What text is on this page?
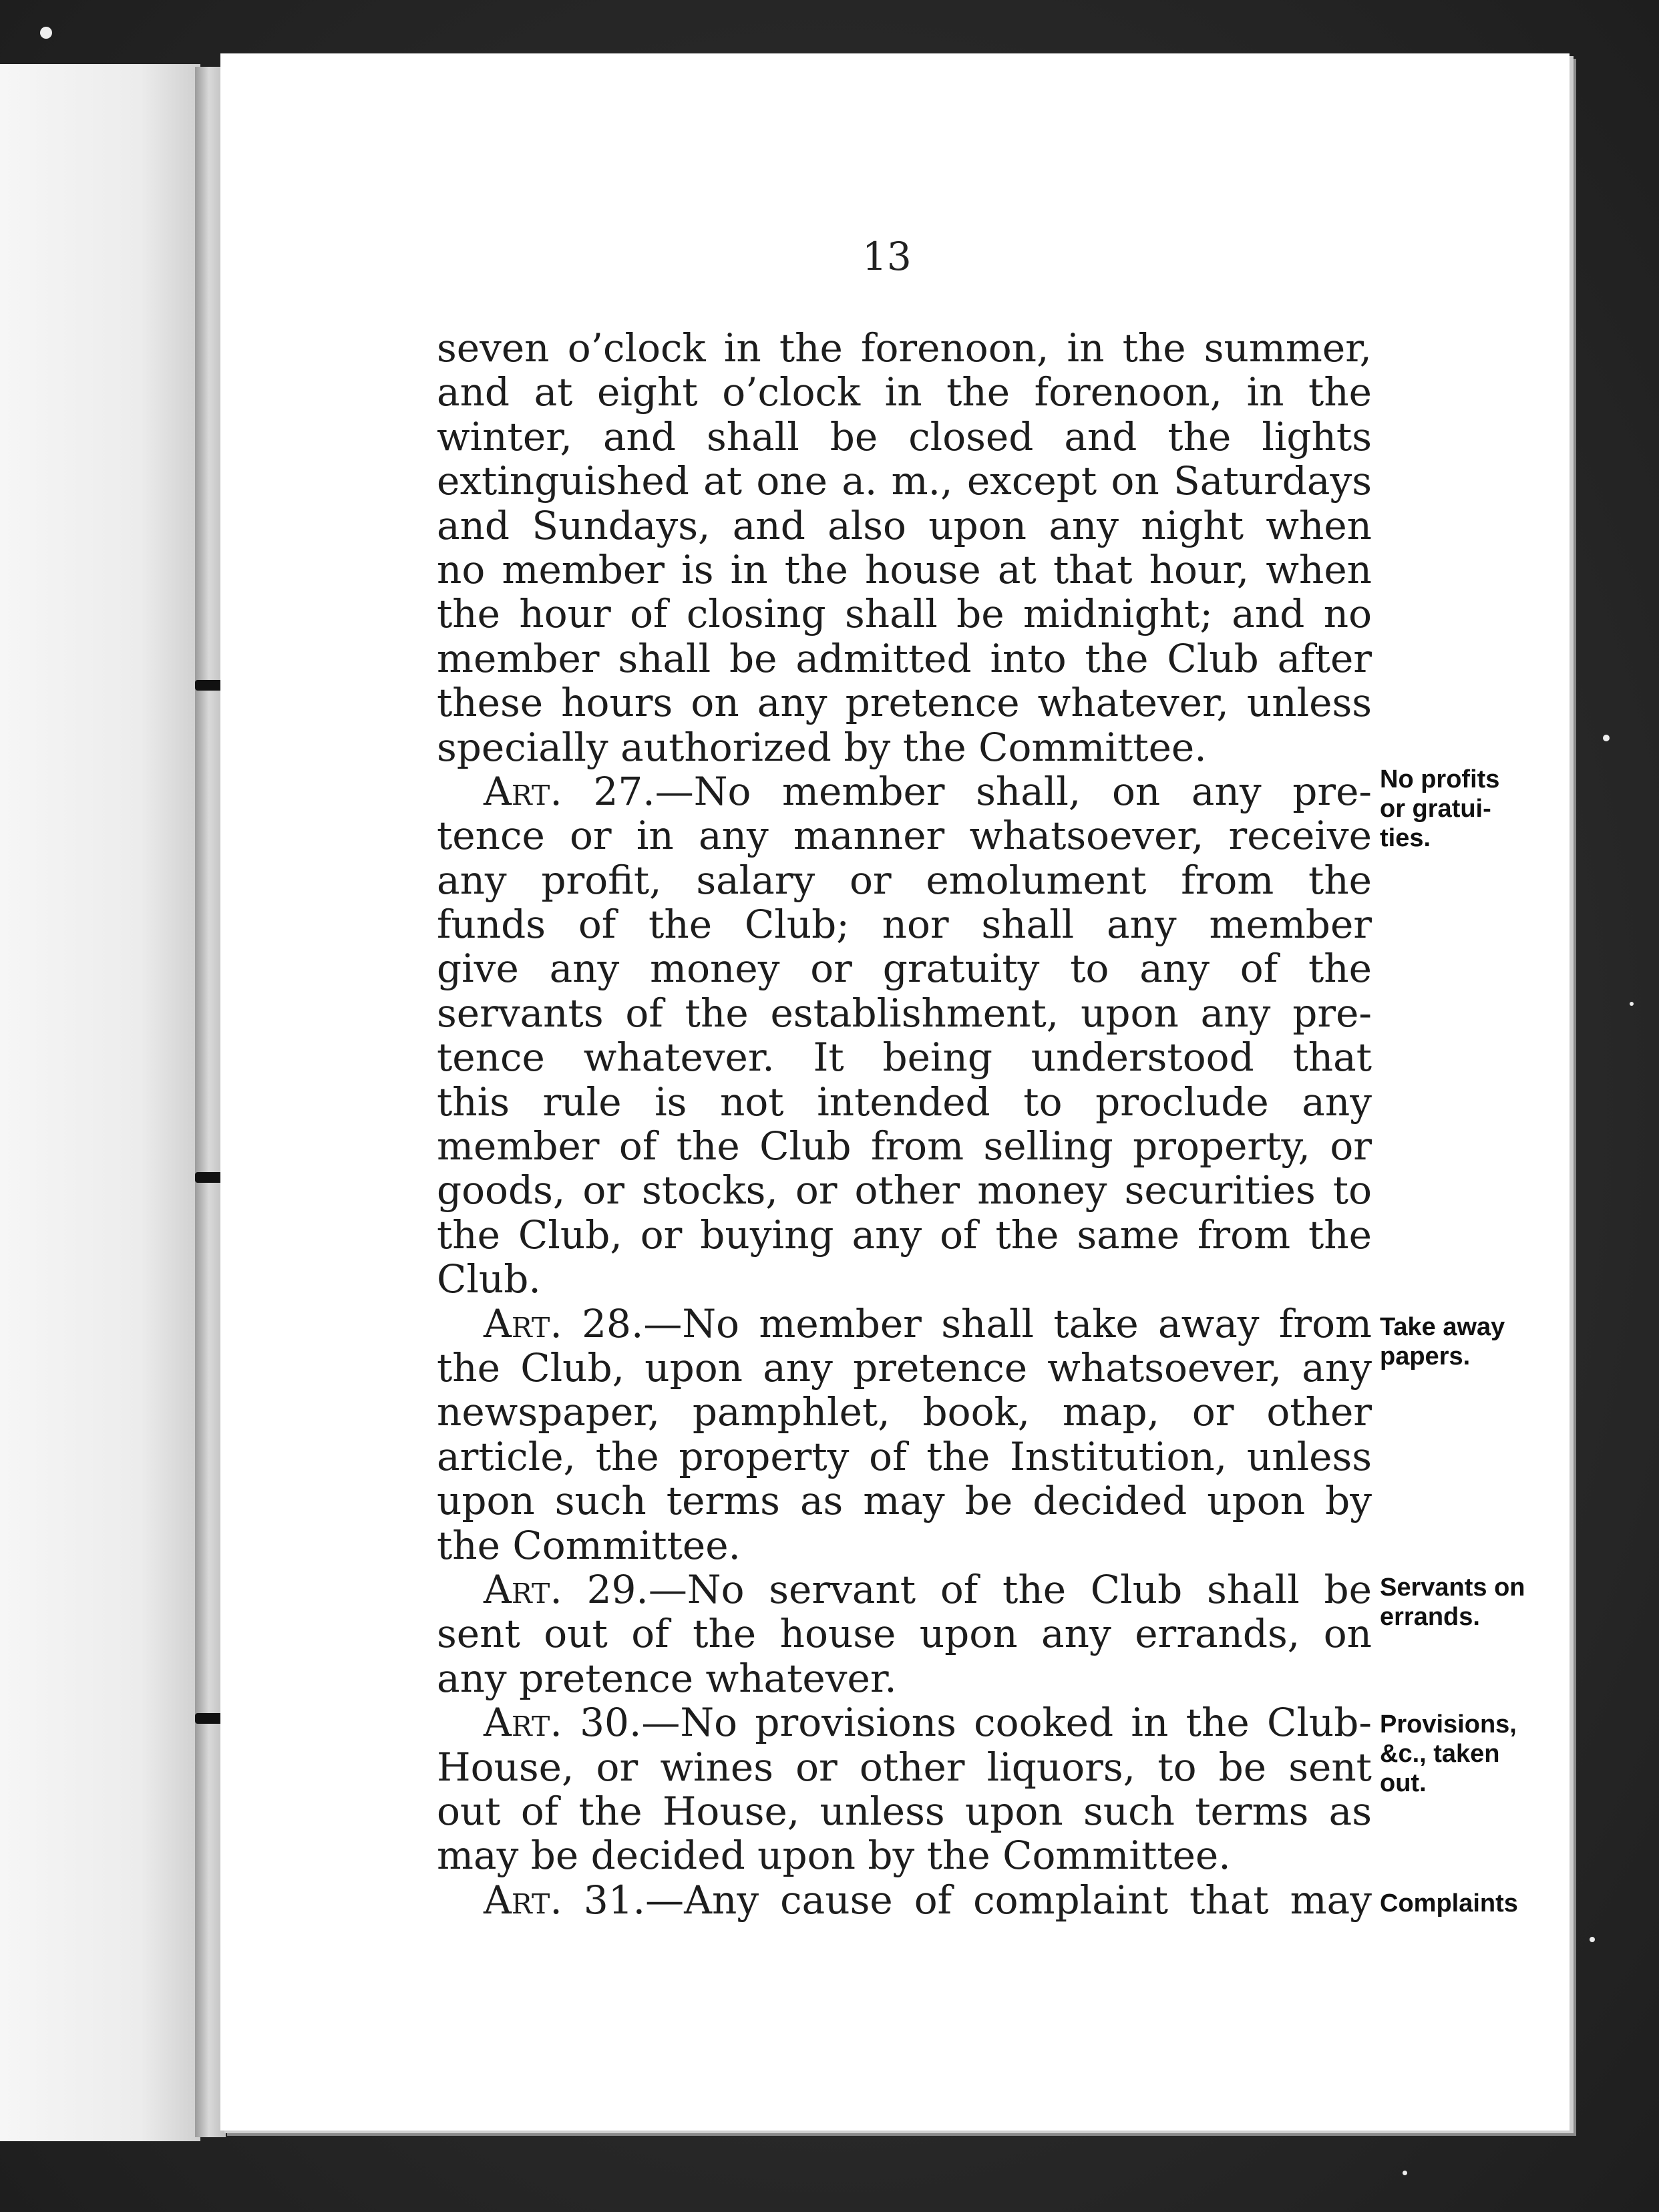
13
seven o’clock in the forenoon, in the summer,
and at eight o’clock in the forenoon, in the
winter, and shall be closed and the lights
extinguished at one a. m., except on Saturdays
and Sundays, and also upon any night when
no member is in the house at that hour, when
the hour of closing shall be midnight; and no
member shall be admitted into the Club after
these hours on any pretence whatever, unless
specially authorized by the Committee.
Art. 27.—No member shall, on any pre-
tence or in any manner whatsoever, receive
any profit, salary or emolument from the
funds of the Club; nor shall any member
give any money or gratuity to any of the
servants of the establishment, upon any pre-
tence whatever. It being understood that
this rule is not intended to proclude any
member of the Club from selling property, or
goods, or stocks, or other money securities to
the Club, or buying any of the same from the
Club.
Art. 28.—No member shall take away from
the Club, upon any pretence whatsoever, any
newspaper, pamphlet, book, map, or other
article, the property of the Institution, unless
upon such terms as may be decided upon by
the Committee.
Art. 29.—No servant of the Club shall be
sent out of the house upon any errands, on
any pretence whatever.
Art. 30.—No provisions cooked in the Club-
House, or wines or other liquors, to be sent
out of the House, unless upon such terms as
may be decided upon by the Committee.
Art. 31.—Any cause of complaint that may
No profits
or gratui-
ties.
Take away
papers.
Servants on
errands.
Provisions,
&c., taken
out.
Complaints
